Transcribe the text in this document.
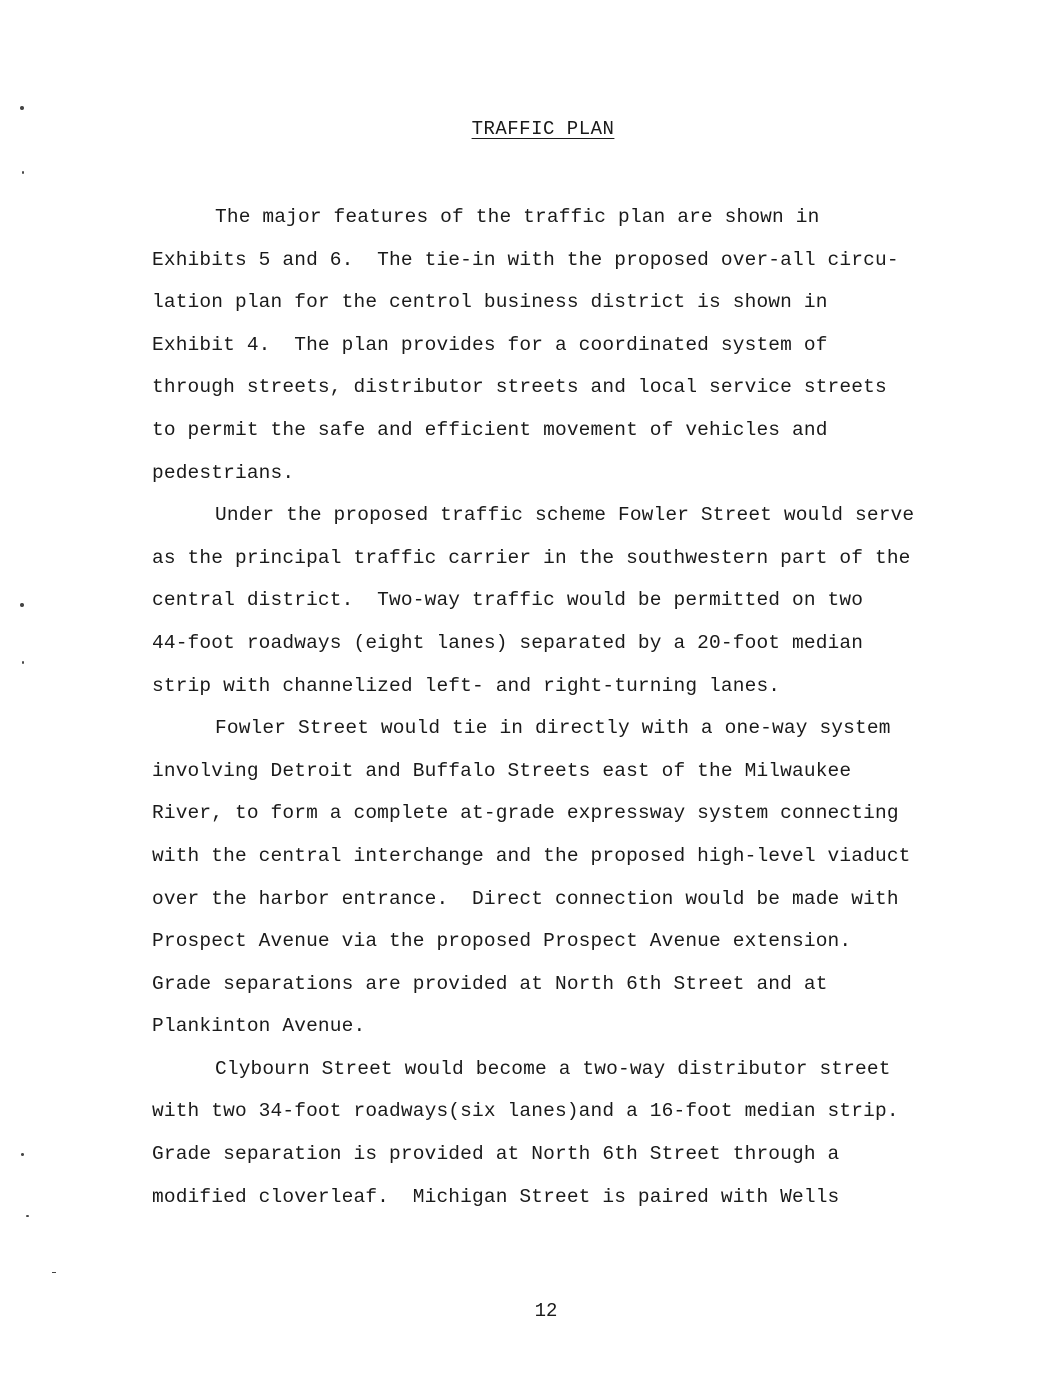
TRAFFIC PLAN
The major features of the traffic plan are shown in
Exhibits 5 and 6.  The tie-in with the proposed over-all circu-
lation plan for the centrol business district is shown in
Exhibit 4.  The plan provides for a coordinated system of
through streets, distributor streets and local service streets
to permit the safe and efficient movement of vehicles and
pedestrians.
Under the proposed traffic scheme Fowler Street would serve
as the principal traffic carrier in the southwestern part of the
central district.  Two-way traffic would be permitted on two
44-foot roadways (eight lanes) separated by a 20-foot median
strip with channelized left- and right-turning lanes.
Fowler Street would tie in directly with a one-way system
involving Detroit and Buffalo Streets east of the Milwaukee
River, to form a complete at-grade expressway system connecting
with the central interchange and the proposed high-level viaduct
over the harbor entrance.  Direct connection would be made with
Prospect Avenue via the proposed Prospect Avenue extension.
Grade separations are provided at North 6th Street and at
Plankinton Avenue.
Clybourn Street would become a two-way distributor street
with two 34-foot roadways(six lanes)and a 16-foot median strip.
Grade separation is provided at North 6th Street through a
modified cloverleaf.  Michigan Street is paired with Wells
12
